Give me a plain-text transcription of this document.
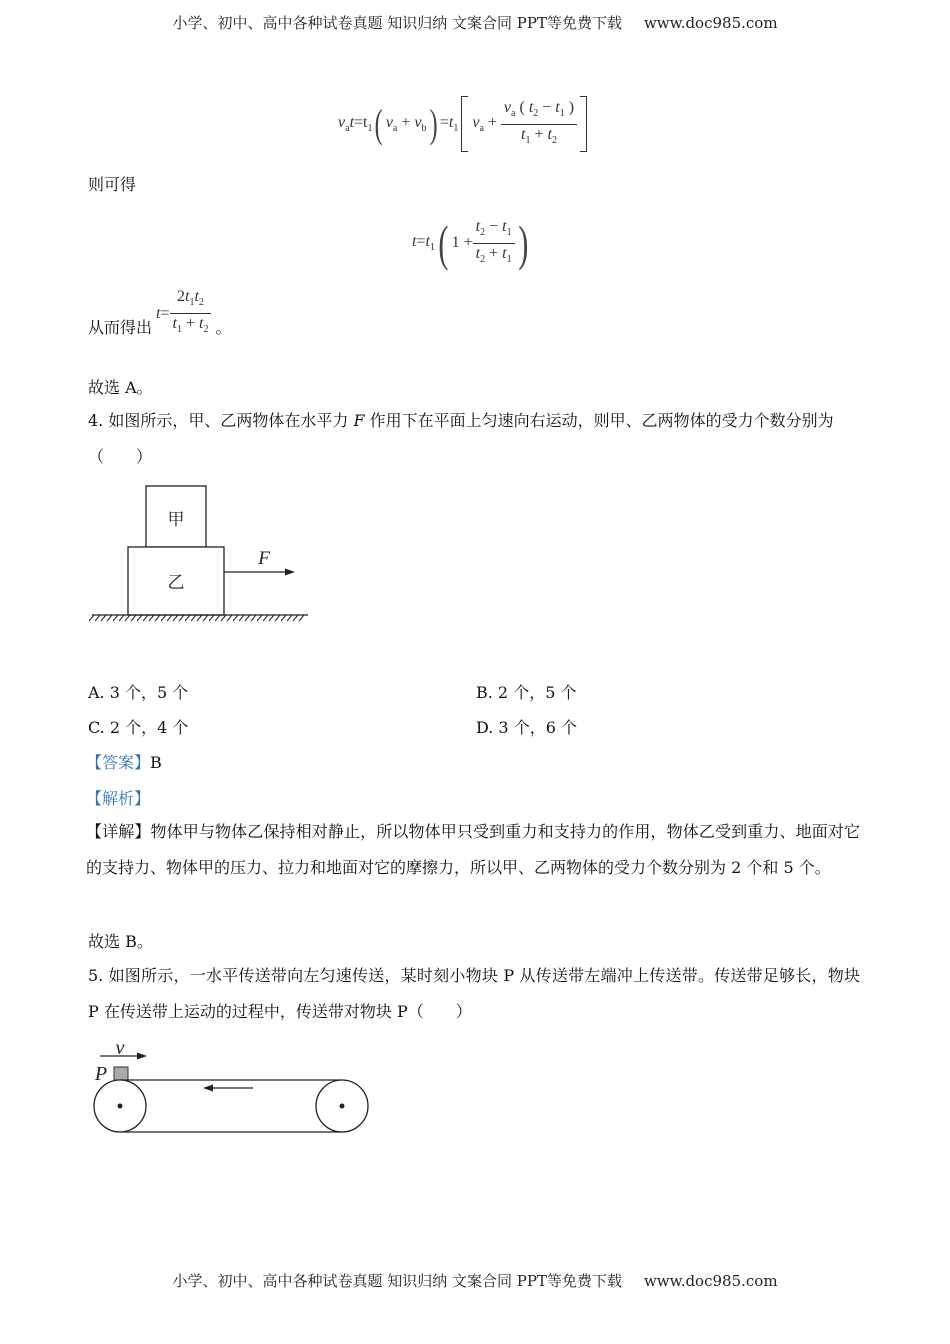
小学、初中、高中各种试卷真题 知识归纳 文案合同 PPT等免费下载 www.doc985.com
$v_at=t_1$ ( $v_a + v_b$ ) $=t_1$ $v_a + \frac{v_a ( t_2 - t_1 )}{t_1 + t_2}$
则可得
$t=t_1$ ( $1 + \frac{t_2 - t_1}{t_2 + t_1}$ )
从而得出
$t= \frac{2t_1t_2}{t_1 + t_2}$ 。
故选 A。
4. 如图所示，甲、乙两物体在水平力 F 作用下在平面上匀速向右运动，则甲、乙两物体的受力个数分别为
（　　）
甲
乙
F
A. 3 个，5 个	B. 2 个，5 个
C. 2 个，4 个	D. 3 个，6 个
【答案】B
【解析】
【详解】物体甲与物体乙保持相对静止，所以物体甲只受到重力和支持力的作用，物体乙受到重力、地面对它的支持力、物体甲的压力、拉力和地面对它的摩擦力，所以甲、乙两物体的受力个数分别为 2 个和 5 个。
故选 B。
5. 如图所示，一水平传送带向左匀速传送，某时刻小物块 P 从传送带左端冲上传送带。传送带足够长，物块 P 在传送带上运动的过程中，传送带对物块 P（　　）
v
P
小学、初中、高中各种试卷真题 知识归纳 文案合同 PPT等免费下载 www.doc985.com
